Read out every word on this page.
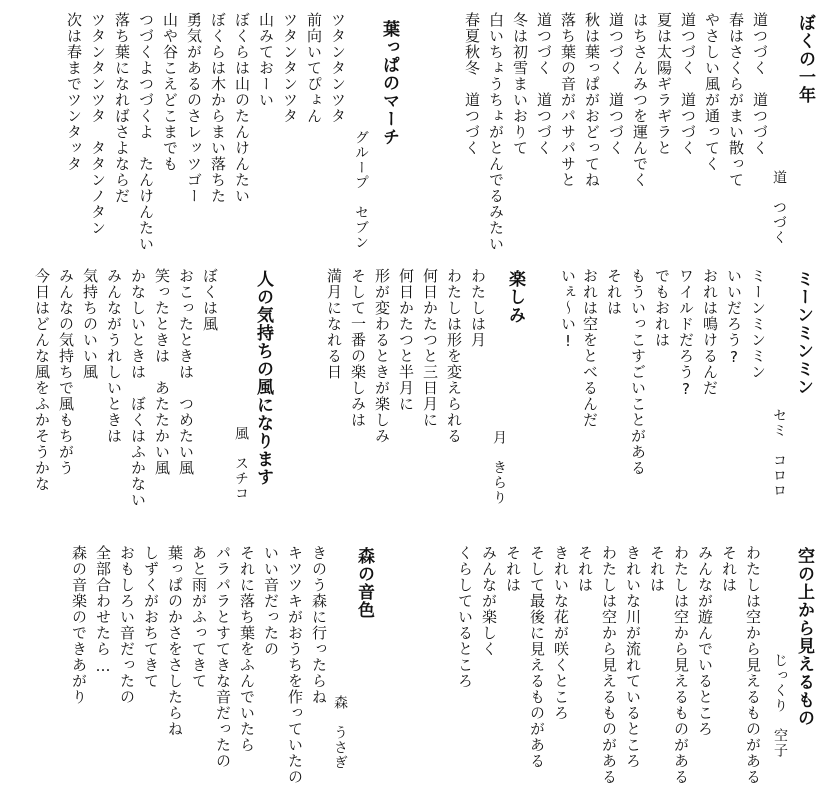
ぼくの一年
道　つづく
道つづく　道つづく
春はさくらがまい散って
やさしい風が通ってく
道つづく　道つづく
夏は太陽ギラギラと
はちさんみつを運んでく
道つづく　道つづく
秋は葉っぱがおどってね
落ち葉の音がパサパサと
道つづく　道つづく
冬は初雪まいおりて
白いちょうちょがとんでるみたい
春夏秋冬　道つづく
葉っぱのマーチ
グループ　セブン
ツタンタンツタ
前向いてぴょん
ツタンタンツタ
山みておーい
ぼくらは山のたんけんたい
ぼくらは木からまい落ちた
勇気があるのさレッツゴー
山や谷こえどこまでも
つづくよつづくよ　たんけんたい
落ち葉になればさよならだ
ツタンタンツタ　タタンノタン
次は春までツンタッタ
ミーンミンミン
セミ　コロロ
ミーンミンミン
いいだろう?
おれは鳴けるんだ
ワイルドだろう?
でもおれは
もういっこすごいことがある
それは
おれは空をとべるんだ
いぇ～い!
楽しみ
月　きらり
わたしは月
わたしは形を変えられる
何日かたつと三日月に
何日かたつと半月に
形が変わるときが楽しみ
そして一番の楽しみは
満月になれる日
人の気持ちの風になります
風　スチコ
ぼくは風
おこったときは　つめたい風
笑ったときは　あたたかい風
かなしいときは　ぼくはふかない
みんながうれしいときは
気持ちのいい風
みんなの気持ちで風もちがう
今日はどんな風をふかそうかな
空の上から見えるもの
じっくり　空子
わたしは空から見えるものがある
それは
みんなが遊んでいるところ
わたしは空から見えるものがある
それは
きれいな川が流れているところ
わたしは空から見えるものがある
それは
きれいな花が咲くところ
そして最後に見えるものがある
それは
みんなが楽しく
くらしているところ
森の音色
森　うさぎ
きのう森に行ったらね
キツツキがおうちを作っていたの
いい音だったの
それに落ち葉をふんでいたら
パラパラとすてきな音だったの
あと雨がふってきて
葉っぱのかさをさしたらね
しずくがおちてきて
おもしろい音だったの
全部合わせたら…
森の音楽のできあがり
